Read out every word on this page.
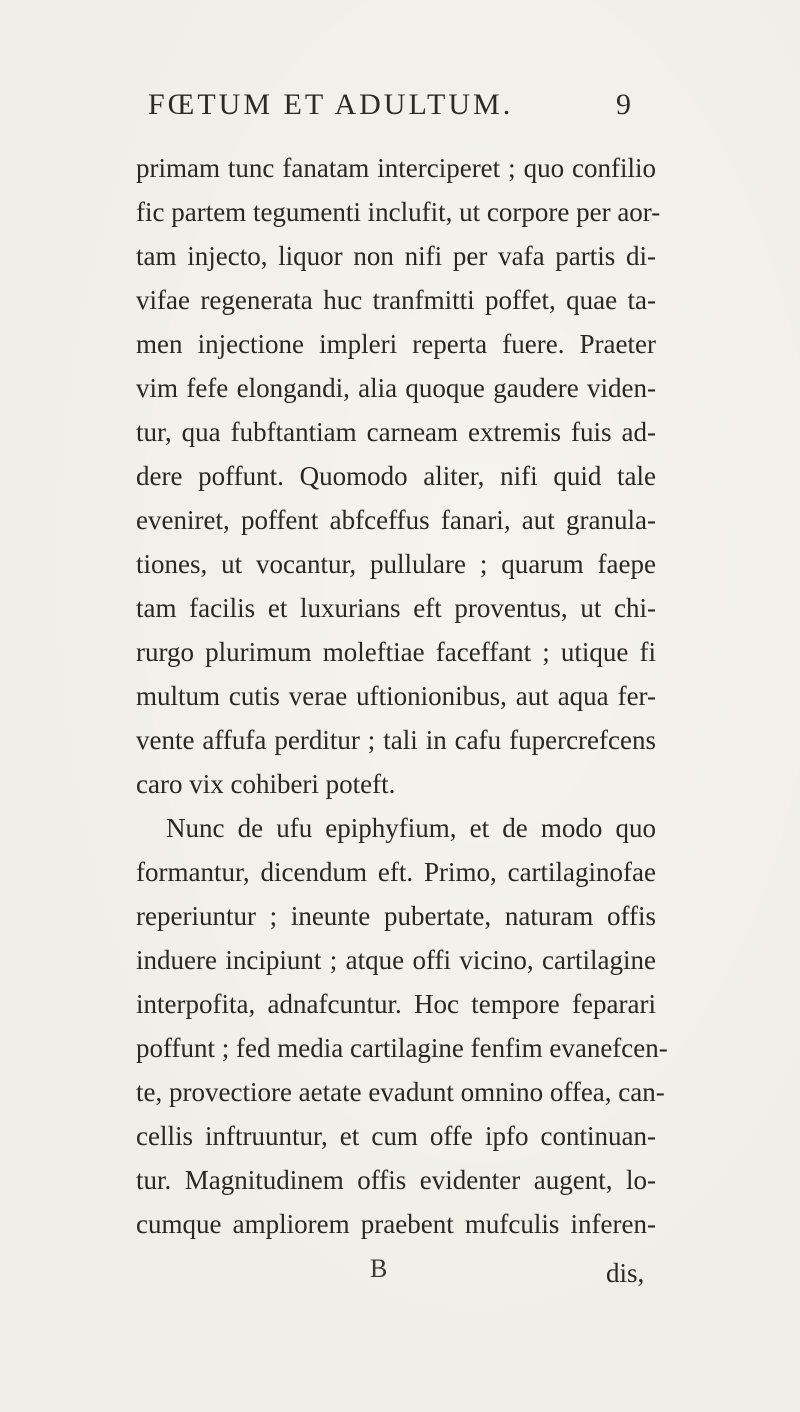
FŒTUM ET ADULTUM.	9
primam tunc fanatam interciperet ; quo confilio
fic partem tegumenti inclufit, ut corpore per aor-
tam injecto, liquor non nifi per vafa partis di-
vifae regenerata huc tranfmitti poffet, quae ta-
men injectione impleri reperta fuere. Praeter
vim fefe elongandi, alia quoque gaudere viden-
tur, qua fubftantiam carneam extremis fuis ad-
dere poffunt. Quomodo aliter, nifi quid tale
eveniret, poffent abfceffus fanari, aut granula-
tiones, ut vocantur, pullulare ; quarum faepe
tam facilis et luxurians eft proventus, ut chi-
rurgo plurimum moleftiae faceffant ; utique fi
multum cutis verae uftionionibus, aut aqua fer-
vente affufa perditur ; tali in cafu fupercrefcens
caro vix cohiberi poteft.
Nunc de ufu epiphyfium, et de modo quo
formantur, dicendum eft. Primo, cartilaginofae
reperiuntur ; ineunte pubertate, naturam offis
induere incipiunt ; atque offi vicino, cartilagine
interpofita, adnafcuntur. Hoc tempore feparari
poffunt ; fed media cartilagine fenfim evanefcen-
te, provectiore aetate evadunt omnino offea, can-
cellis inftruuntur, et cum offe ipfo continuan-
tur. Magnitudinem offis evidenter augent, lo-
cumque ampliorem praebent mufculis inferen-
B	dis,
